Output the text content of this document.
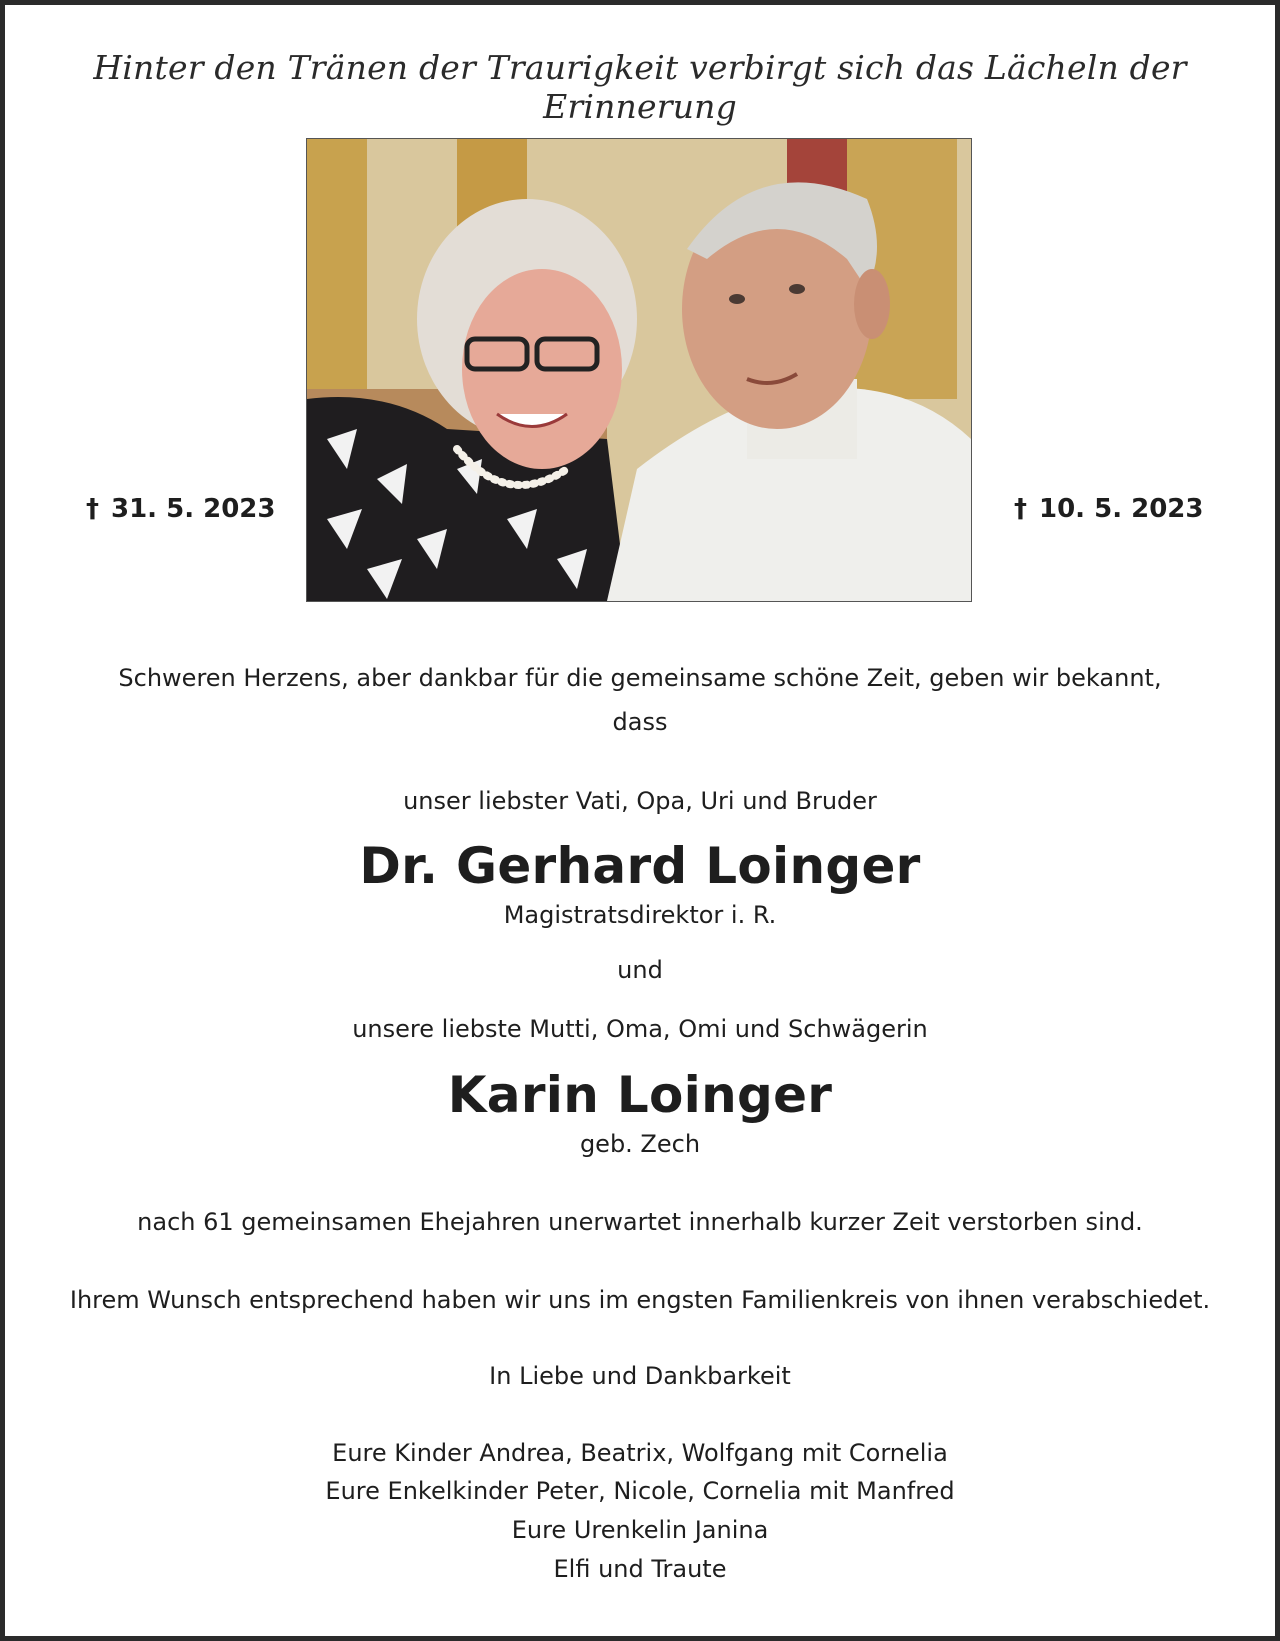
Hinter den Tränen der Traurigkeit verbirgt sich das Lächeln der Erinnerung
† 31. 5. 2023	† 10. 5. 2023
Schweren Herzens, aber dankbar für die gemeinsame schöne Zeit, geben wir bekannt,
dass
unser liebster Vati, Opa, Uri und Bruder
Dr. Gerhard Loinger
Magistratsdirektor i. R.
und
unsere liebste Mutti, Oma, Omi und Schwägerin
Karin Loinger
geb. Zech
nach 61 gemeinsamen Ehejahren unerwartet innerhalb kurzer Zeit verstorben sind.
Ihrem Wunsch entsprechend haben wir uns im engsten Familienkreis von ihnen verabschiedet.
In Liebe und Dankbarkeit
Eure Kinder Andrea, Beatrix, Wolfgang mit Cornelia
Eure Enkelkinder Peter, Nicole, Cornelia mit Manfred
Eure Urenkelin Janina
Elfi und Traute
